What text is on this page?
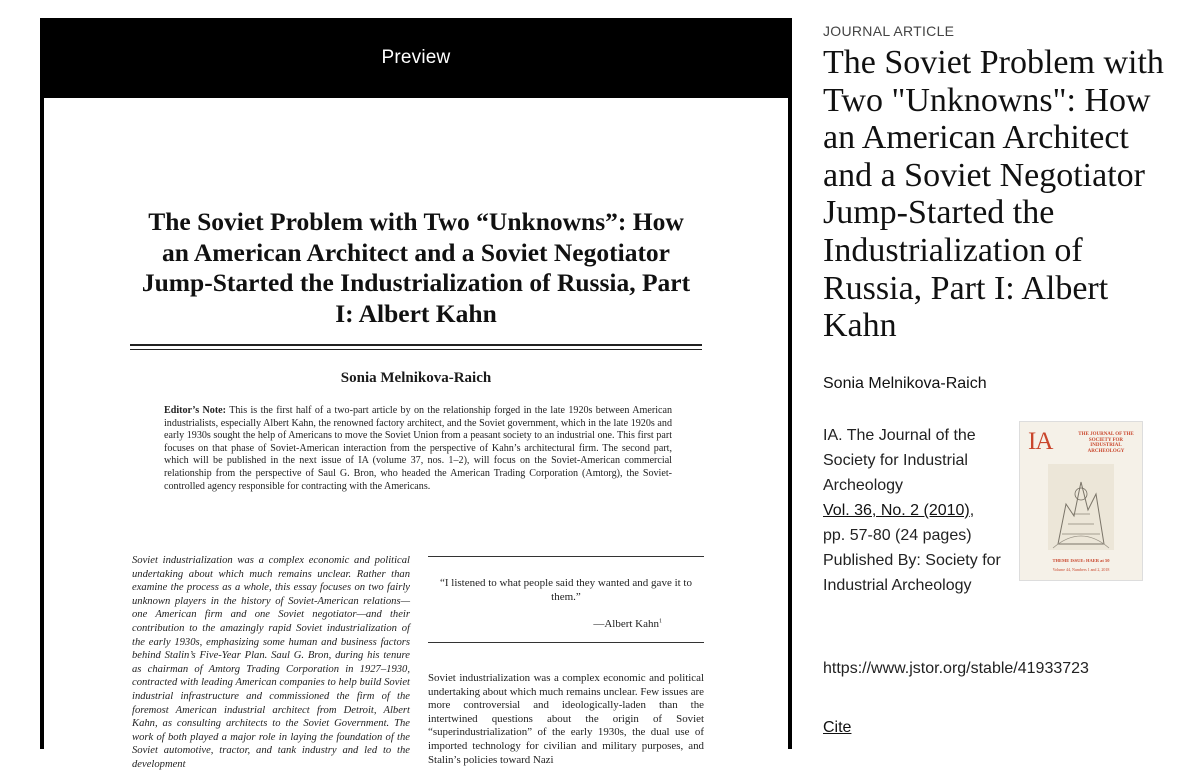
Preview
The Soviet Problem with Two “Unknowns”: How an American Architect and a Soviet Negotiator Jump-Started the Industrialization of Russia, Part I: Albert Kahn
Sonia Melnikova-Raich
Editor’s Note: This is the first half of a two-part article by on the relationship forged in the late 1920s between American industrialists, especially Albert Kahn, the renowned factory architect, and the Soviet government, which in the late 1920s and early 1930s sought the help of Americans to move the Soviet Union from a peasant society to an industrial one. This first part focuses on that phase of Soviet-American interaction from the perspective of Kahn’s architectural firm. The second part, which will be published in the next issue of IA (volume 37, nos. 1–2), will focus on the Soviet-American commercial relationship from the perspective of Saul G. Bron, who headed the American Trading Corporation (Amtorg), the Soviet-controlled agency responsible for contracting with the Americans.
Soviet industrialization was a complex economic and political undertaking about which much remains unclear. Rather than examine the process as a whole, this essay focuses on two fairly unknown players in the history of Soviet-American relations—one American firm and one Soviet negotiator—and their contribution to the amazingly rapid Soviet industrialization of the early 1930s, emphasizing some human and business factors behind Stalin’s Five-Year Plan. Saul G. Bron, during his tenure as chairman of Amtorg Trading Corporation in 1927–1930, contracted with leading American companies to help build Soviet industrial infrastructure and commissioned the firm of the foremost American industrial architect from Detroit, Albert Kahn, as consulting architects to the Soviet Government. The work of both played a major role in laying the foundation of the Soviet automotive, tractor, and tank industry and led to the development
“I listened to what people said they wanted and gave it to them.”
—Albert Kahn$^1$
Soviet industrialization was a complex economic and political undertaking about which much remains unclear. Few issues are more controversial and ideologically-laden than the intertwined questions about the origin of Soviet “superindustrialization” of the early 1930s, the dual use of imported technology for civilian and military purposes, and Stalin’s policies toward Nazi
JOURNAL ARTICLE
The Soviet Problem with Two "Unknowns": How an American Architect and a Soviet Negotiator Jump-Started the Industrialization of Russia, Part I: Albert Kahn
Sonia Melnikova-Raich
IA. The Journal of the Society for Industrial Archeology
Vol. 36, No. 2 (2010),
pp. 57-80 (24 pages)
Published By: Society for Industrial Archeology
https://www.jstor.org/stable/41933723
Cite
IA	THE JOURNAL OF THE SOCIETY FOR INDUSTRIAL ARCHEOLOGY
THEME ISSUE: HAER at 50
Volume 44, Numbers 1 and 2, 2018
